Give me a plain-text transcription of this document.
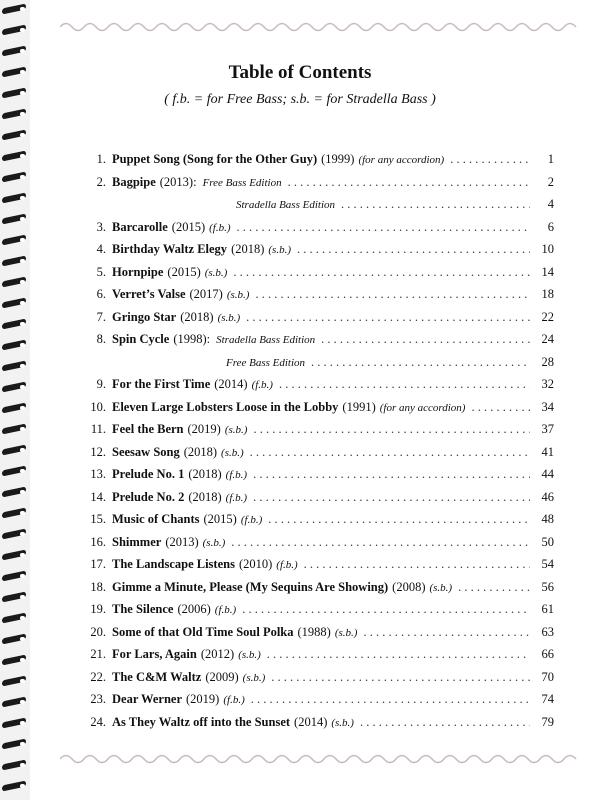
Table of Contents
( f.b. = for Free Bass; s.b. = for Stradella Bass )
1. Puppet Song (Song for the Other Guy) (1999) (for any accordion) . . .	1
2. Bagpipe (2013): Free Bass Edition . . .	2
Stradella Bass Edition . . .	4
3. Barcarolle (2015) (f.b.) . . .	6
4. Birthday Waltz Elegy (2018) (s.b.) . . .	10
5. Hornpipe (2015) (s.b.) . . .	14
6. Verret’s Valse (2017) (s.b.) . . .	18
7. Gringo Star (2018) (s.b.) . . .	22
8. Spin Cycle (1998): Stradella Bass Edition . . .	24
Free Bass Edition . . .	28
9. For the First Time (2014) (f.b.) . . .	32
10. Eleven Large Lobsters Loose in the Lobby (1991) (for any accordion) . . .	34
11. Feel the Bern (2019) (s.b.) . . .	37
12. Seesaw Song (2018) (s.b.) . . .	41
13. Prelude No. 1 (2018) (f.b.) . . .	44
14. Prelude No. 2 (2018) (f.b.) . . .	46
15. Music of Chants (2015) (f.b.) . . .	48
16. Shimmer (2013) (s.b.) . . .	50
17. The Landscape Listens (2010) (f.b.) . . .	54
18. Gimme a Minute, Please (My Sequins Are Showing) (2008) (s.b.) . . .	56
19. The Silence (2006) (f.b.) . . .	61
20. Some of that Old Time Soul Polka (1988) (s.b.) . . .	63
21. For Lars, Again (2012) (s.b.) . . .	66
22. The C&M Waltz (2009) (s.b.) . . .	70
23. Dear Werner (2019) (f.b.) . . .	74
24. As They Waltz off into the Sunset (2014) (s.b.) . . .	79
